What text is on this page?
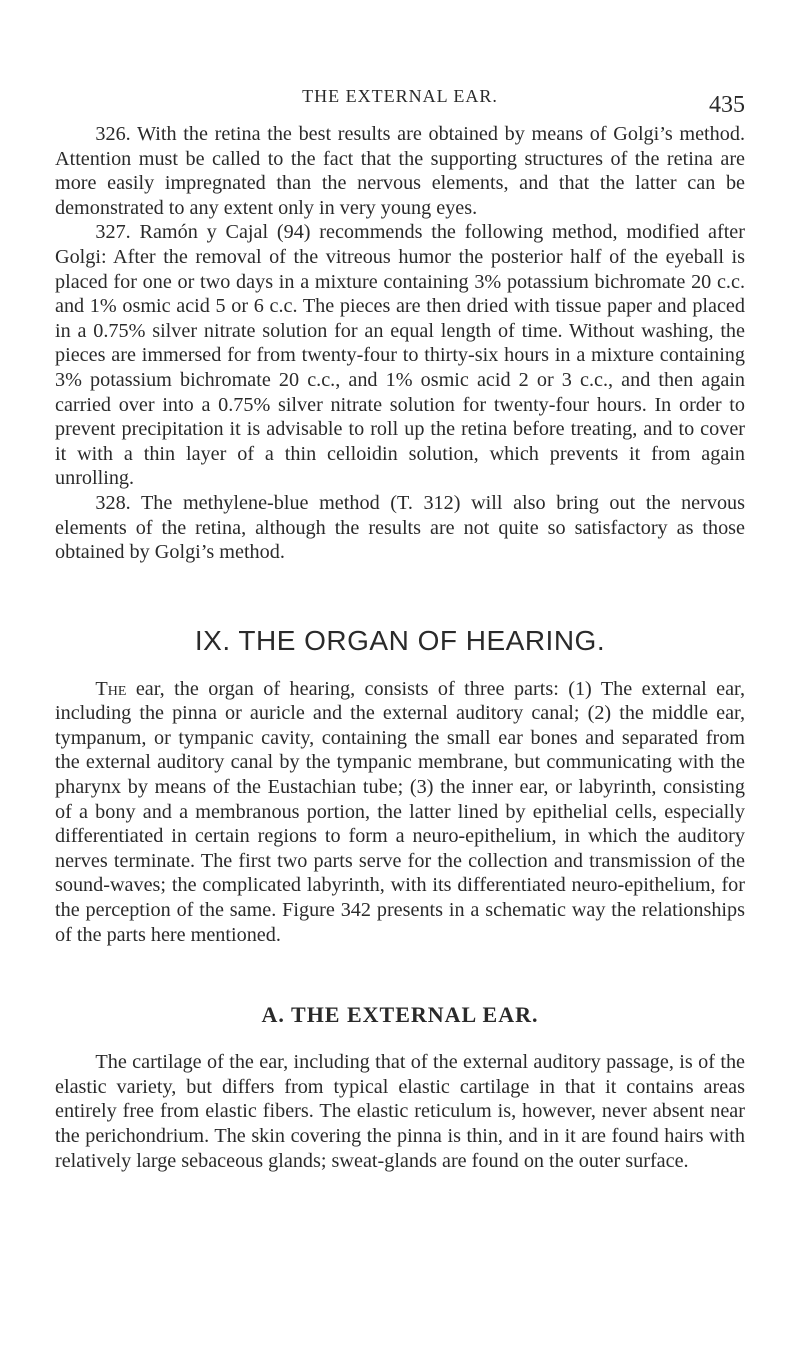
THE EXTERNAL EAR.	435

326. With the retina the best results are obtained by means of Golgi’s method. Attention must be called to the fact that the supporting structures of the retina are more easily impregnated than the nervous elements, and that the latter can be demonstrated to any extent only in very young eyes.

327. Ramón y Cajal (94) recommends the following method, modified after Golgi: After the removal of the vitreous humor the posterior half of the eyeball is placed for one or two days in a mixture containing 3% potassium bichromate 20 c.c. and 1% osmic acid 5 or 6 c.c. The pieces are then dried with tissue paper and placed in a 0.75% silver nitrate solution for an equal length of time. Without washing, the pieces are immersed for from twenty-four to thirty-six hours in a mixture containing 3% potassium bichromate 20 c.c., and 1% osmic acid 2 or 3 c.c., and then again carried over into a 0.75% silver nitrate solution for twenty-four hours. In order to prevent precipitation it is advisable to roll up the retina before treating, and to cover it with a thin layer of a thin celloidin solution, which prevents it from again unrolling.

328. The methylene-blue method (T. 312) will also bring out the nervous elements of the retina, although the results are not quite so satisfactory as those obtained by Golgi’s method.

IX. THE ORGAN OF HEARING.

The ear, the organ of hearing, consists of three parts: (1) The external ear, including the pinna or auricle and the external auditory canal; (2) the middle ear, tympanum, or tympanic cavity, containing the small ear bones and separated from the external auditory canal by the tympanic membrane, but communicating with the pharynx by means of the Eustachian tube; (3) the inner ear, or labyrinth, consisting of a bony and a membranous portion, the latter lined by epithelial cells, especially differentiated in certain regions to form a neuro-epithelium, in which the auditory nerves terminate. The first two parts serve for the collection and transmission of the sound-waves; the complicated labyrinth, with its differentiated neuro-epithelium, for the perception of the same. Figure 342 presents in a schematic way the relationships of the parts here mentioned.

A. THE EXTERNAL EAR.

The cartilage of the ear, including that of the external auditory passage, is of the elastic variety, but differs from typical elastic cartilage in that it contains areas entirely free from elastic fibers. The elastic reticulum is, however, never absent near the perichondrium. The skin covering the pinna is thin, and in it are found hairs with relatively large sebaceous glands; sweat-glands are found on the outer surface.
